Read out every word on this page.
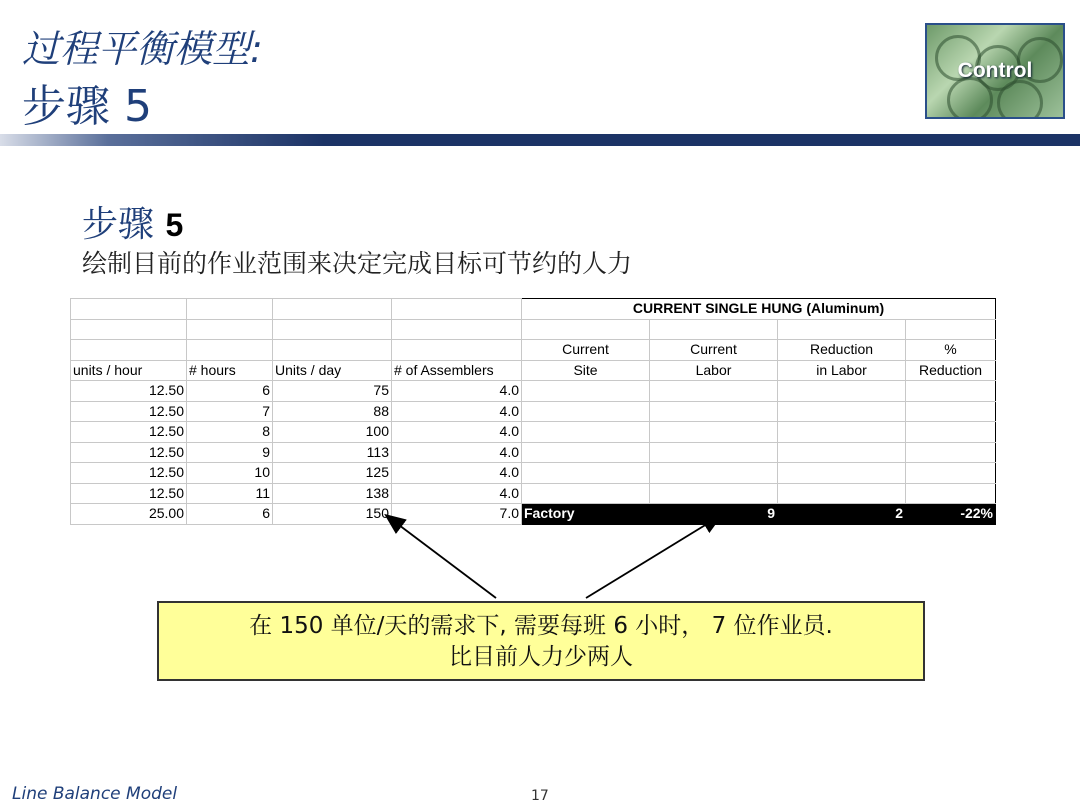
过程平衡模型:
步骤 5
Control
步骤 5
绘制目前的作业范围来决定完成目标可节约的人力
				CURRENT SINGLE HUNG (Aluminum)			

				Current	Current	Reduction	%
units / hour	# hours	Units / day	# of Assemblers	Site	Labor	in Labor	Reduction
12.50	6	75	4.0				
12.50	7	88	4.0				
12.50	8	100	4.0				
12.50	9	113	4.0				
12.50	10	125	4.0				
12.50	11	138	4.0				
25.00	6	150	7.0	Factory	9	2	-22%
在 150 单位/天的需求下, 需要每班 6 小时， 7 位作业员.
比目前人力少两人
Line Balance Model	17
